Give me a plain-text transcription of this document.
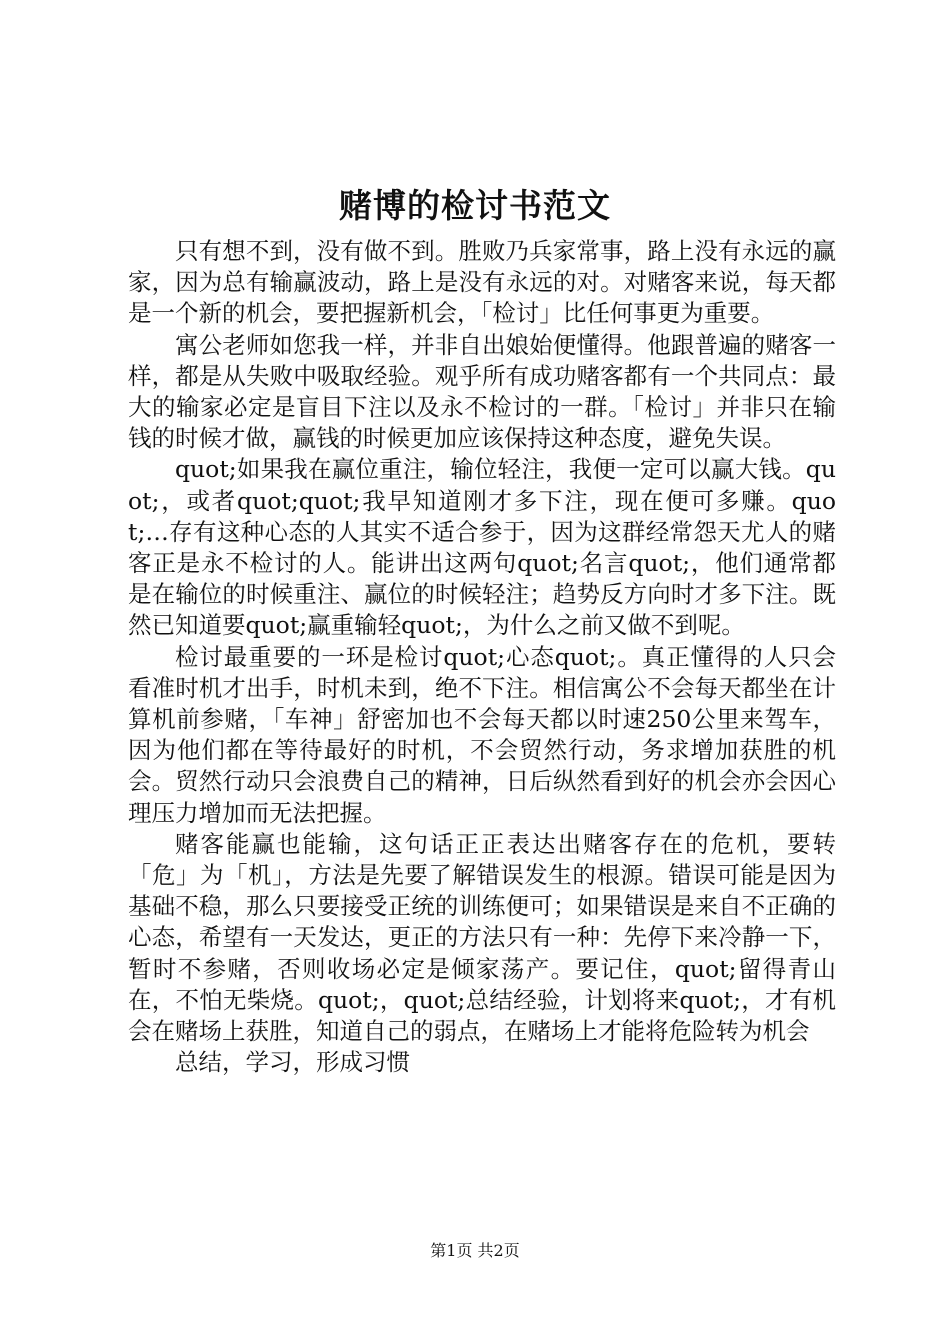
赌博的检讨书范文

只有想不到，没有做不到。胜败乃兵家常事，路上没有永远的赢家，因为总有输赢波动，路上是没有永远的对。对赌客来说，每天都是一个新的机会，要把握新机会，「检讨」比任何事更为重要。

寓公老师如您我一样，并非自出娘始便懂得。他跟普遍的赌客一样，都是从失败中吸取经验。观乎所有成功赌客都有一个共同点：最大的输家必定是盲目下注以及永不检讨的一群。「检讨」并非只在输钱的时候才做，赢钱的时候更加应该保持这种态度，避免失误。

quot;如果我在赢位重注，输位轻注，我便一定可以赢大钱。quot;，或者quot;quot;我早知道刚才多下注，现在便可多赚。quot;…存有这种心态的人其实不适合参于，因为这群经常怨天尤人的赌客正是永不检讨的人。能讲出这两句quot;名言quot;，他们通常都是在输位的时候重注、赢位的时候轻注；趋势反方向时才多下注。既然已知道要quot;赢重输轻quot;，为什么之前又做不到呢。

检讨最重要的一环是检讨quot;心态quot;。真正懂得的人只会看准时机才出手，时机未到，绝不下注。相信寓公不会每天都坐在计算机前参赌，「车神」舒密加也不会每天都以时速250公里来驾车，因为他们都在等待最好的时机，不会贸然行动，务求增加获胜的机会。贸然行动只会浪费自己的精神，日后纵然看到好的机会亦会因心理压力增加而无法把握。

赌客能赢也能输，这句话正正表达出赌客存在的危机，要转「危」为「机」，方法是先要了解错误发生的根源。错误可能是因为基础不稳，那么只要接受正统的训练便可；如果错误是来自不正确的心态，希望有一天发达，更正的方法只有一种：先停下来冷静一下，暂时不参赌，否则收场必定是倾家荡产。要记住，quot;留得青山在，不怕无柴烧。quot;，quot;总结经验，计划将来quot;，才有机会在赌场上获胜，知道自己的弱点，在赌场上才能将危险转为机会

总结，学习，形成习惯

第1页 共2页
